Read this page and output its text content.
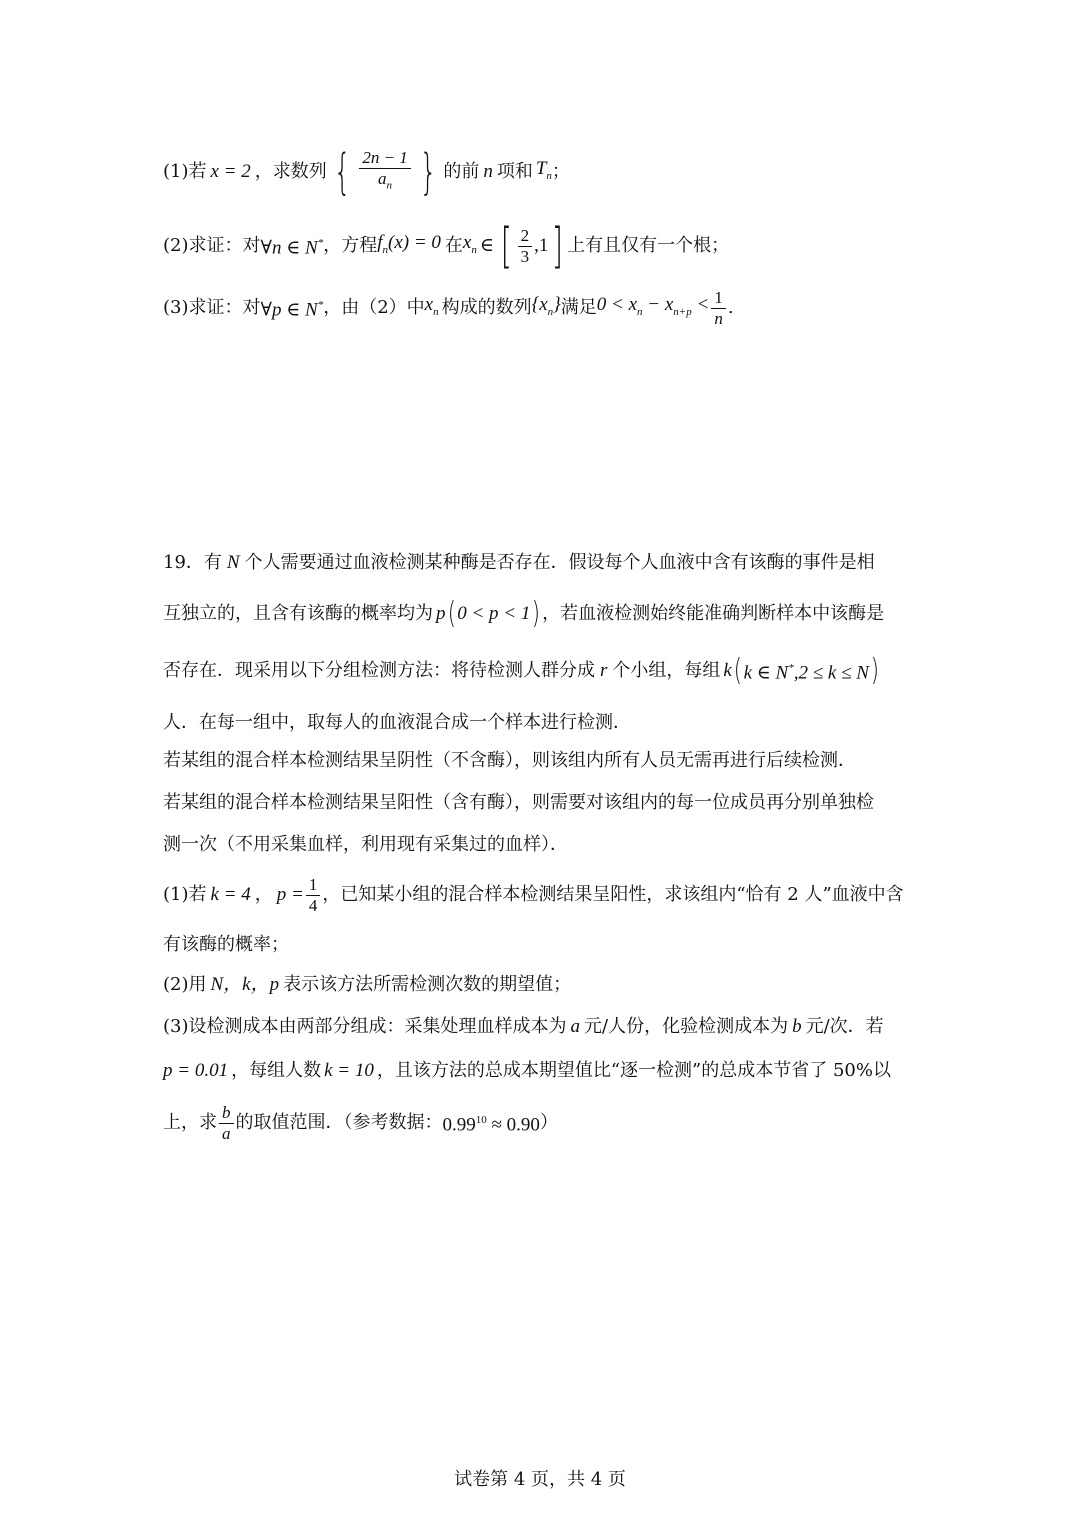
(1)若 x = 2 ，求数列 { $\frac{2n - 1}{a_n}$ } 的前 n 项和 $T_n$ ；
(2)求证：对 ∀n ∈ N* ，方程 $f_n(x) = 0$ 在 $x_n$ ∈ [ $\frac{2}{3} ,1$ ] 上有且仅有一个根；
(3)求证：对 ∀p ∈ N* ，由（2）中 $x_n$ 构成的数列 $\{x_n\}$ 满足 $0 < x_n - x_{n+p} < \frac{1}{n}$ .
19．有 N 个人需要通过血液检测某种酶是否存在．假设每个人血液中含有该酶的事件是相
互独立的，且含有该酶的概率均为 p ( 0 < p < 1 ) ，若血液检测始终能准确判断样本中该酶是
否存在．现采用以下分组检测方法：将待检测人群分成 r 个小组，每组 k ( k ∈ N*,2 ≤ k ≤ N )
人．在每一组中，取每人的血液混合成一个样本进行检测．
若某组的混合样本检测结果呈阴性（不含酶），则该组内所有人员无需再进行后续检测．
若某组的混合样本检测结果呈阳性（含有酶），则需要对该组内的每一位成员再分别单独检
测一次（不用采集血样，利用现有采集过的血样）．
(1)若 k = 4 ， $p = \frac{1}{4}$ ，已知某小组的混合样本检测结果呈阳性，求该组内“恰有 2 人”血液中含
有该酶的概率；
(2)用 N，k，p 表示该方法所需检测次数的期望值；
(3)设检测成本由两部分组成：采集处理血样成本为 a 元/人份，化验检测成本为 b 元/次．若
p = 0.01 ，每组人数 k = 10 ，且该方法的总成本期望值比“逐一检测”的总成本节省了 50%以
上，求 $\frac{b}{a}$ 的取值范围．（参考数据： $0.99^{10} \approx 0.90$ ）
试卷第 4 页，共 4 页
